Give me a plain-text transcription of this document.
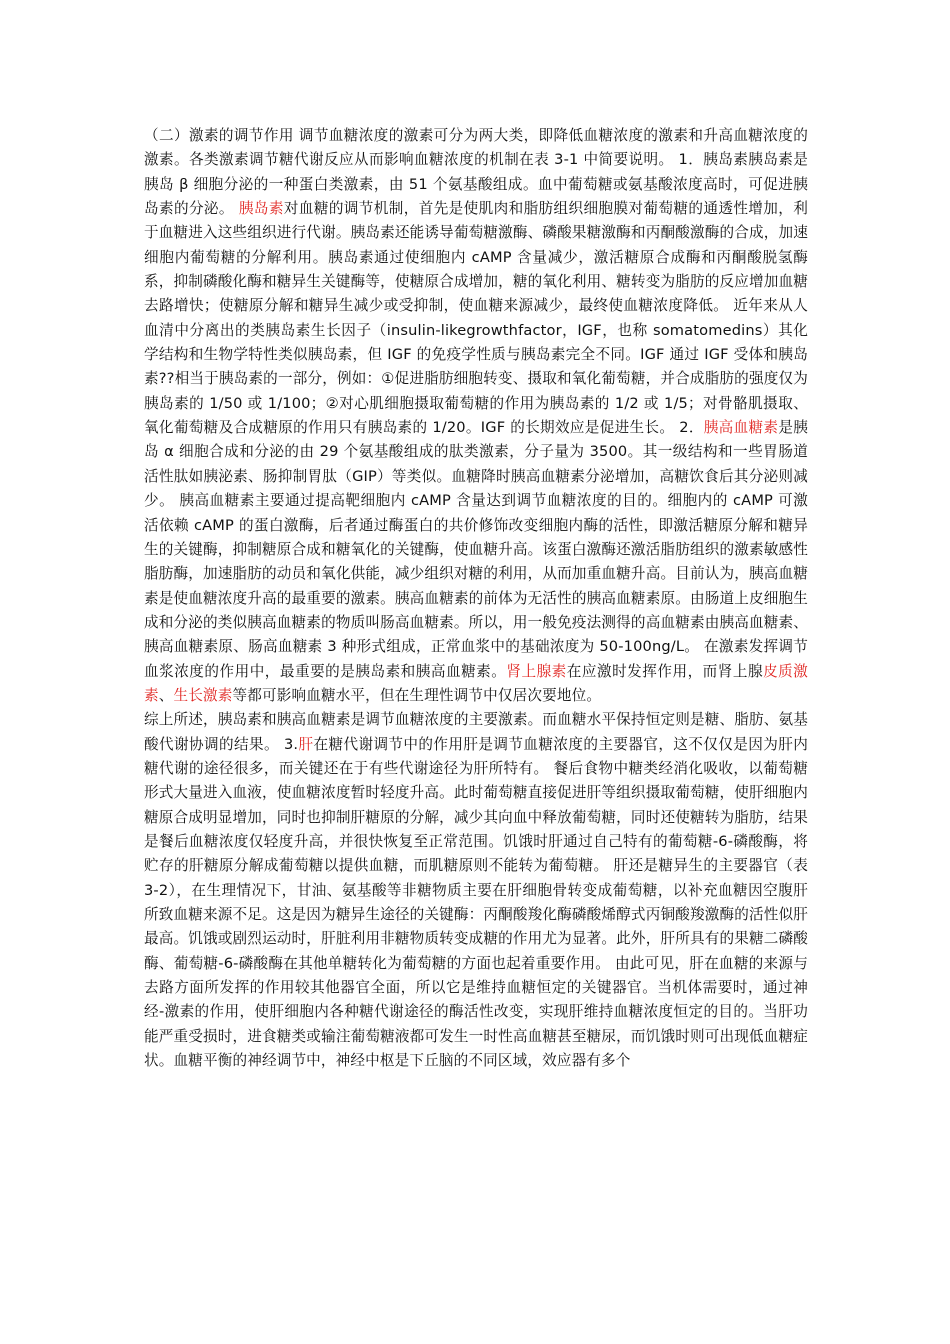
（二）激素的调节作用 调节血糖浓度的激素可分为两大类，即降低血糖浓度的激素和升高血糖浓度的激素。各类激素调节糖代谢反应从而影响血糖浓度的机制在表 3-1 中简要说明。 1．胰岛素胰岛素是胰岛 β 细胞分泌的一种蛋白类激素，由 51 个氨基酸组成。血中葡萄糖或氨基酸浓度高时，可促进胰岛素的分泌。 胰岛素对血糖的调节机制，首先是使肌肉和脂肪组织细胞膜对葡萄糖的通透性增加，利于血糖进入这些组织进行代谢。胰岛素还能诱导葡萄糖激酶、磷酸果糖激酶和丙酮酸激酶的合成，加速细胞内葡萄糖的分解利用。胰岛素通过使细胞内 cAMP 含量减少，激活糖原合成酶和丙酮酸脱氢酶系，抑制磷酸化酶和糖异生关键酶等，使糖原合成增加，糖的氧化利用、糖转变为脂肪的反应增加血糖去路增快；使糖原分解和糖异生减少或受抑制，使血糖来源减少，最终使血糖浓度降低。 近年来从人血清中分离出的类胰岛素生长因子（insulin-likegrowthfactor，IGF，也称 somatomedins）其化学结构和生物学特性类似胰岛素，但 IGF 的免疫学性质与胰岛素完全不同。IGF 通过 IGF 受体和胰岛素??相当于胰岛素的一部分，例如：①促进脂肪细胞转变、摄取和氧化葡萄糖，并合成脂肪的强度仅为胰岛素的 1/50 或 1/100；②对心肌细胞摄取葡萄糖的作用为胰岛素的 1/2 或 1/5；对骨骼肌摄取、氧化葡萄糖及合成糖原的作用只有胰岛素的 1/20。IGF 的长期效应是促进生长。 2．胰高血糖素是胰岛 α 细胞合成和分泌的由 29 个氨基酸组成的肽类激素，分子量为 3500。其一级结构和一些胃肠道活性肽如胰泌素、肠抑制胃肽（GIP）等类似。血糖降时胰高血糖素分泌增加，高糖饮食后其分泌则减少。 胰高血糖素主要通过提高靶细胞内 cAMP 含量达到调节血糖浓度的目的。细胞内的 cAMP 可激活依赖 cAMP 的蛋白激酶，后者通过酶蛋白的共价修饰改变细胞内酶的活性，即激活糖原分解和糖异生的关键酶，抑制糖原合成和糖氧化的关键酶，使血糖升高。该蛋白激酶还激活脂肪组织的激素敏感性脂肪酶，加速脂肪的动员和氧化供能，减少组织对糖的利用，从而加重血糖升高。目前认为，胰高血糖素是使血糖浓度升高的最重要的激素。胰高血糖素的前体为无活性的胰高血糖素原。由肠道上皮细胞生成和分泌的类似胰高血糖素的物质叫肠高血糖素。所以，用一般免疫法测得的高血糖素由胰高血糖素、胰高血糖素原、肠高血糖素 3 种形式组成，正常血浆中的基础浓度为 50-100ng/L。 在激素发挥调节血浆浓度的作用中，最重要的是胰岛素和胰高血糖素。肾上腺素在应激时发挥作用，而肾上腺皮质激素、生长激素等都可影响血糖水平，但在生理性调节中仅居次要地位。

综上所述，胰岛素和胰高血糖素是调节血糖浓度的主要激素。而血糖水平保持恒定则是糖、脂肪、氨基酸代谢协调的结果。 3.肝在糖代谢调节中的作用肝是调节血糖浓度的主要器官，这不仅仅是因为肝内糖代谢的途径很多，而关键还在于有些代谢途径为肝所特有。 餐后食物中糖类经消化吸收，以葡萄糖形式大量进入血液，使血糖浓度暂时轻度升高。此时葡萄糖直接促进肝等组织摄取葡萄糖，使肝细胞内糖原合成明显增加，同时也抑制肝糖原的分解，减少其向血中释放葡萄糖，同时还使糖转为脂肪，结果是餐后血糖浓度仅轻度升高，并很快恢复至正常范围。饥饿时肝通过自己特有的葡萄糖-6-磷酸酶，将贮存的肝糖原分解成葡萄糖以提供血糖，而肌糖原则不能转为葡萄糖。 肝还是糖异生的主要器官（表 3-2），在生理情况下，甘油、氨基酸等非糖物质主要在肝细胞骨转变成葡萄糖，以补充血糖因空腹肝所致血糖来源不足。这是因为糖异生途径的关键酶：丙酮酸羧化酶磷酸烯醇式丙铜酸羧激酶的活性似肝最高。饥饿或剧烈运动时，肝脏利用非糖物质转变成糖的作用尤为显著。此外，肝所具有的果糖二磷酸酶、葡萄糖-6-磷酸酶在其他单糖转化为葡萄糖的方面也起着重要作用。 由此可见，肝在血糖的来源与去路方面所发挥的作用较其他器官全面，所以它是维持血糖恒定的关键器官。当机体需要时，通过神经-激素的作用，使肝细胞内各种糖代谢途径的酶活性改变，实现肝维持血糖浓度恒定的目的。当肝功能严重受损时，进食糖类或输注葡萄糖液都可发生一时性高血糖甚至糖尿，而饥饿时则可出现低血糖症状。血糖平衡的神经调节中，神经中枢是下丘脑的不同区域，效应器有多个
